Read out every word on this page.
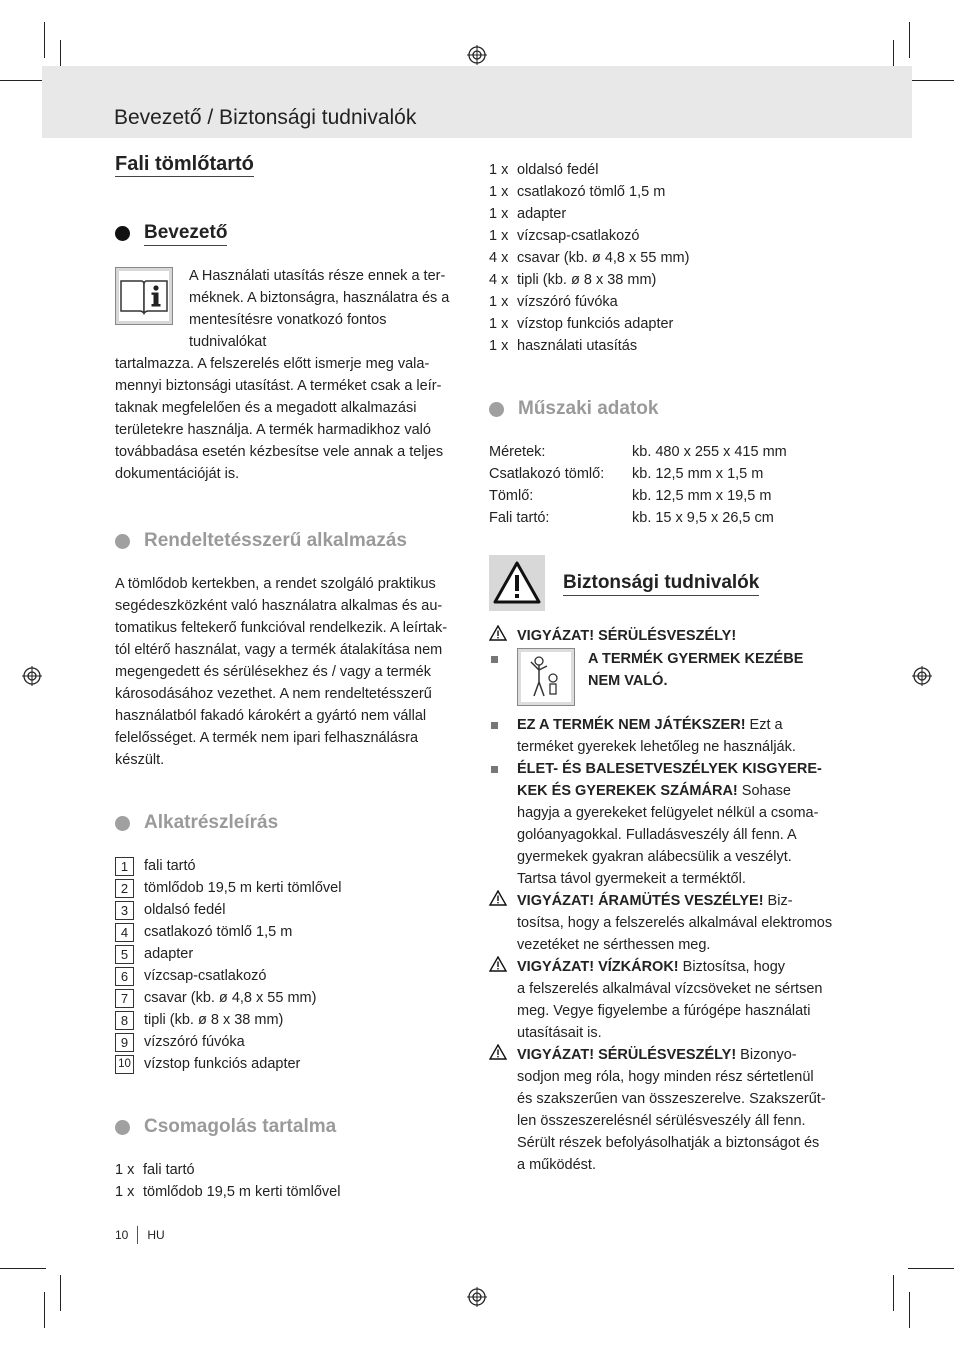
Bevezető / Biztonsági tudnivalók
Fali tömlőtartó
Bevezető

A Használati utasítás része ennek a ter-

méknek. A biztonságra, használatra és a

mentesítésre vonatkozó fontos tudnivalókat

tartalmazza. A felszerelés előtt ismerje meg vala-

mennyi biztonsági utasítást. A terméket csak a leír-

taknak megfelelően és a megadott alkalmazási

területekre használja. A termék harmadikhoz való

továbbadása esetén kézbesítse vele annak a teljes

dokumentációját is.

Rendeltetésszerű alkalmazás

A tömlődob kertekben, a rendet szolgáló praktikus

segédeszközként való használatra alkalmas és au-

tomatikus feltekerő funkcióval rendelkezik. A leírtak-

tól eltérő használat, vagy a termék átalakítása nem

megengedett és sérülésekhez és / vagy a termék

károsodásához vezethet. A nem rendeltetésszerű

használatból fakadó károkért a gyártó nem vállal

felelősséget. A termék nem ipari felhasználásra

készült.

Alkatrészleírás
1	fali tartó
2	tömlődob 19,5 m kerti tömlővel
3	oldalsó fedél
4	csatlakozó tömlő 1,5 m
5	adapter
6	vízcsap-csatlakozó
7	csavar (kb. ø 4,8 x 55 mm)
8	tipli (kb. ø 8 x 38 mm)
9	vízszóró fúvóka
10 vízstop funkciós adapter
Csomagolás tartalma
1 x fali tartó
1 x tömlődob 19,5 m kerti tömlővel
1 x oldalsó fedél
1 x csatlakozó tömlő 1,5 m
1 x adapter
1 x vízcsap-csatlakozó
4 x csavar (kb. ø 4,8 x 55 mm)
4 x tipli (kb. ø 8 x 38 mm)
1 x vízszóró fúvóka
1 x vízstop funkciós adapter
1 x használati utasítás
Műszaki adatok
Méretek:	kb. 480 x 255 x 415 mm
Csatlakozó tömlő:	kb. 12,5 mm x 1,5 m
Tömlő:	kb. 12,5 mm x 19,5 m
Fali tartó:	kb. 15 x 9,5 x 26,5 cm
Biztonsági tudnivalók
VIGYÁZAT! SÉRÜLÉSVESZÉLY!
A TERMÉK GYERMEK KEZÉBE
NEM VALÓ.

EZ A TERMÉK NEM JÁTÉKSZER! Ezt a

terméket gyerekek lehetőleg ne használják.

ÉLET- ÉS BALESETVESZÉLYEK KISGYERE-

KEK ÉS GYEREKEK SZÁMÁRA! Sohase

hagyja a gyerekeket felügyelet nélkül a csoma-

golóanyagokkal. Fulladásveszély áll fenn. A

gyermekek gyakran alábecsülik a veszélyt.

Tartsa távol gyermekeit a terméktől.

VIGYÁZAT! ÁRAMÜTÉS VESZÉLYE! Biz-

tosítsa, hogy a felszerelés alkalmával elektromos

vezetéket ne sérthessen meg.

VIGYÁZAT! VÍZKÁROK! Biztosítsa, hogy

a felszerelés alkalmával vízcsöveket ne sértsen

meg. Vegye figyelembe a fúrógépe használati

utasításait is.

VIGYÁZAT! SÉRÜLÉSVESZÉLY! Bizonyo-

sodjon meg róla, hogy minden rész sértetlenül

és szakszerűen van összeszerelve. Szakszerűt-

len összeszerelésnél sérülésveszély áll fenn.

Sérült részek befolyásolhatják a biztonságot és

a működést.

10 HU
